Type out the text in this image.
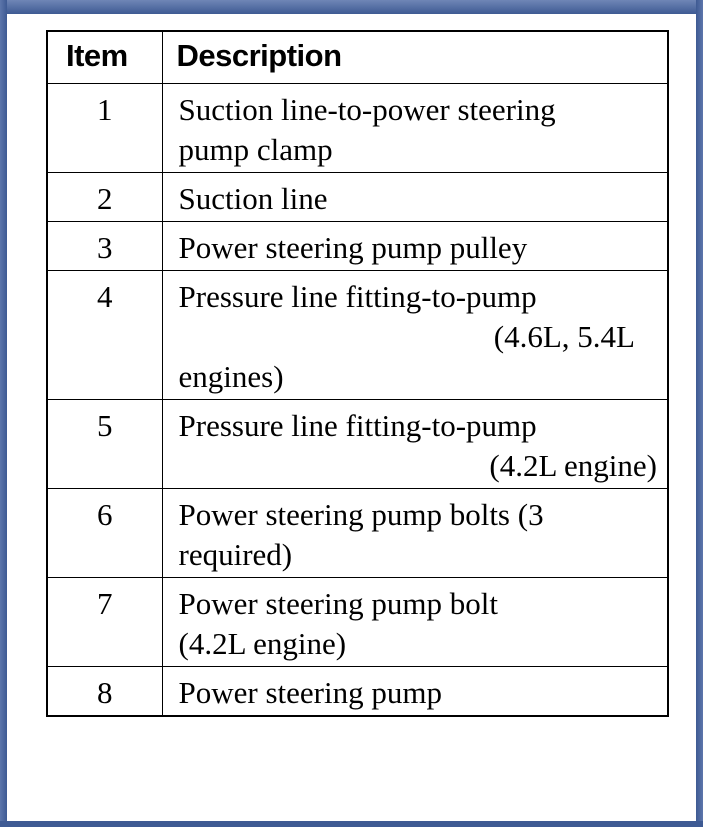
Item	Description
1	Suction line-to-power steering
pump clamp
2	Suction line
3	Power steering pump pulley
4	Pressure line fitting-to-pump
(4.6L, 5.4L
engines)
5	Pressure line fitting-to-pump
(4.2L engine)

6	Power steering pump bolts (3
required)
7	Power steering pump bolt
(4.2L engine)
8	Power steering pump
